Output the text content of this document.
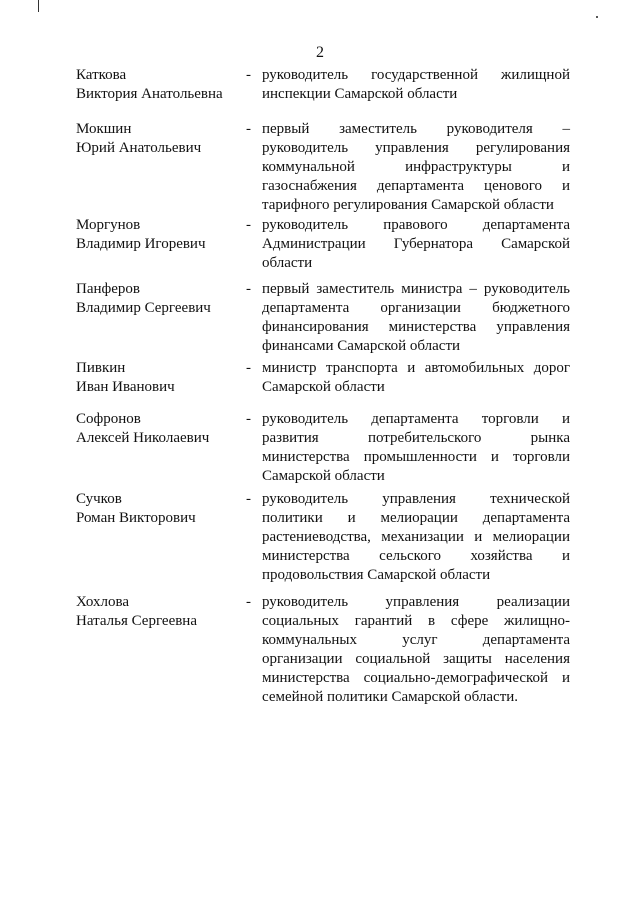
2
Каткова
Виктория Анатольевна
- руководитель государственной жилищной инспекции Самарской области
Мокшин
Юрий Анатольевич
- первый заместитель руководителя – руководитель управления регулирования коммунальной инфраструктуры и газоснабжения департамента ценового и тарифного регулирования Самарской области
Моргунов
Владимир Игоревич
- руководитель правового департамента Администрации Губернатора Самарской области
Панферов
Владимир Сергеевич
- первый заместитель министра – руководитель департамента организации бюджетного финансирования министерства управления финансами Самарской области
Пивкин
Иван Иванович
- министр транспорта и автомобильных дорог Самарской области
Софронов
Алексей Николаевич
- руководитель департамента торговли и развития потребительского рынка министерства промышленности и торговли Самарской области
Сучков
Роман Викторович
- руководитель управления технической политики и мелиорации департамента растениеводства, механизации и мелиорации министерства сельского хозяйства и продовольствия Самарской области
Хохлова
Наталья Сергеевна
- руководитель управления реализации социальных гарантий в сфере жилищно-коммунальных услуг департамента организации социальной защиты населения министерства социально-демографической и семейной политики Самарской области.
